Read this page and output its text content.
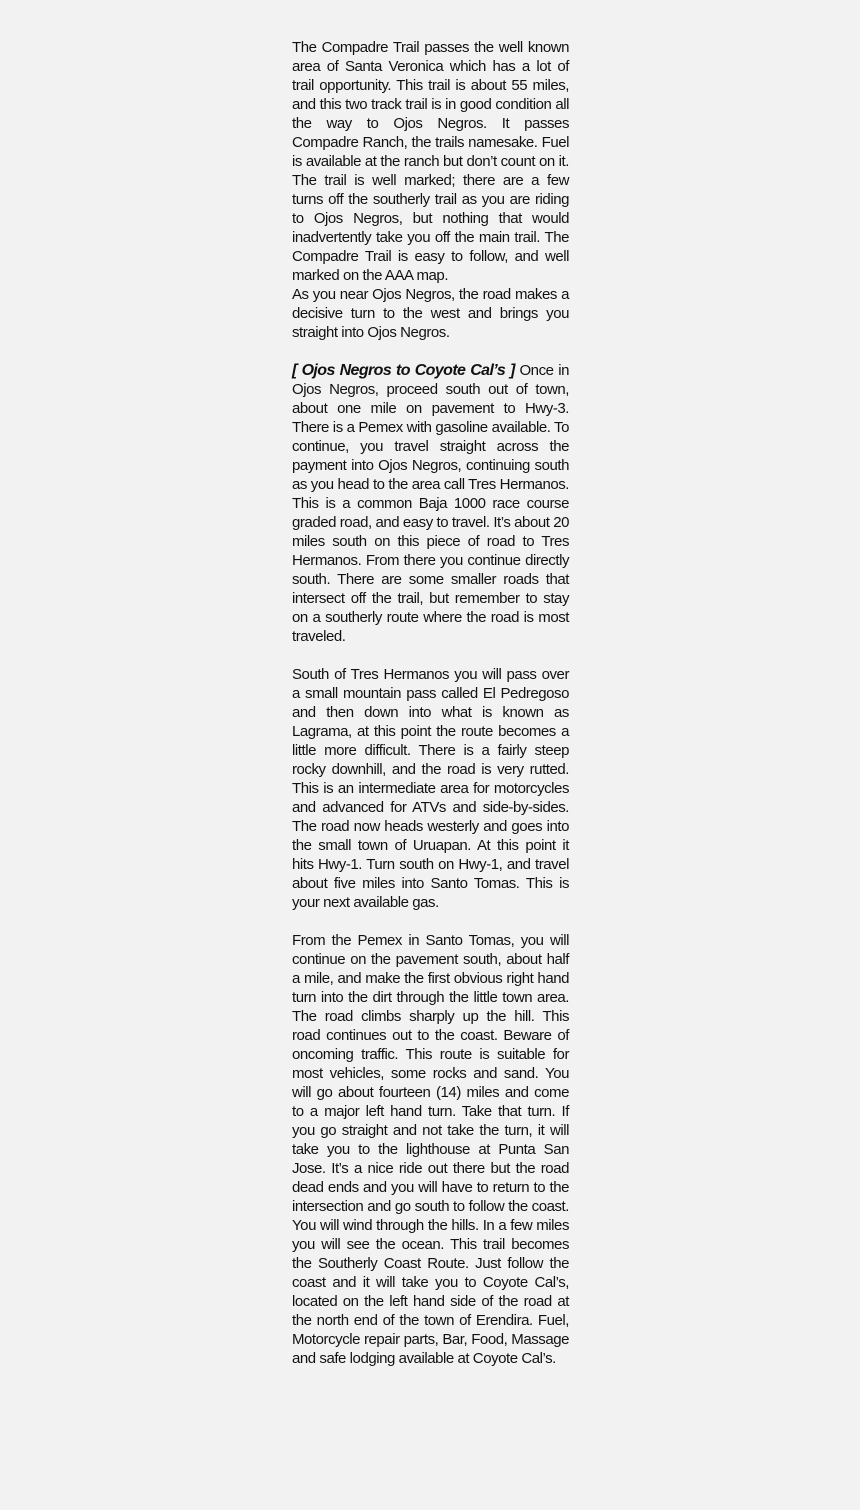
The Compadre Trail passes the well known area of Santa Veronica which has a lot of trail opportunity. This trail is about 55 miles, and this two track trail is in good condition all the way to Ojos Negros. It passes Compadre Ranch, the trails namesake. Fuel is available at the ranch but don’t count on it. The trail is well marked; there are a few turns off the southerly trail as you are riding to Ojos Negros, but nothing that would inadvertently take you off the main trail. The Compadre Trail is easy to follow, and well marked on the AAA map.

As you near Ojos Negros, the road makes a decisive turn to the west and brings you straight into Ojos Negros.

[ Ojos Negros to Coyote Cal’s ] Once in Ojos Negros, proceed south out of town, about one mile on pavement to Hwy-3. There is a Pemex with gasoline available. To continue, you travel straight across the payment into Ojos Negros, continuing south as you head to the area call Tres Hermanos. This is a common Baja 1000 race course graded road, and easy to travel. It’s about 20 miles south on this piece of road to Tres Hermanos. From there you continue directly south. There are some smaller roads that intersect off the trail, but remember to stay on a southerly route where the road is most traveled.

South of Tres Hermanos you will pass over a small mountain pass called El Pedregoso and then down into what is known as Lagrama, at this point the route becomes a little more difficult. There is a fairly steep rocky downhill, and the road is very rutted. This is an intermediate area for motorcycles and advanced for ATVs and side-by-sides. The road now heads westerly and goes into the small town of Uruapan. At this point it hits Hwy-1. Turn south on Hwy-1, and travel about five miles into Santo Tomas. This is your next available gas.

From the Pemex in Santo Tomas, you will continue on the pavement south, about half a mile, and make the first obvious right hand turn into the dirt through the little town area. The road climbs sharply up the hill. This road continues out to the coast. Beware of oncoming traffic. This route is suitable for most vehicles, some rocks and sand. You will go about fourteen (14) miles and come to a major left hand turn. Take that turn. If you go straight and not take the turn, it will take you to the lighthouse at Punta San Jose. It’s a nice ride out there but the road dead ends and you will have to return to the intersection and go south to follow the coast. You will wind through the hills. In a few miles you will see the ocean. This trail becomes the Southerly Coast Route. Just follow the coast and it will take you to Coyote Cal’s, located on the left hand side of the road at the north end of the town of Erendira. Fuel, Motorcycle repair parts, Bar, Food, Massage and safe lodging available at Coyote Cal’s.
